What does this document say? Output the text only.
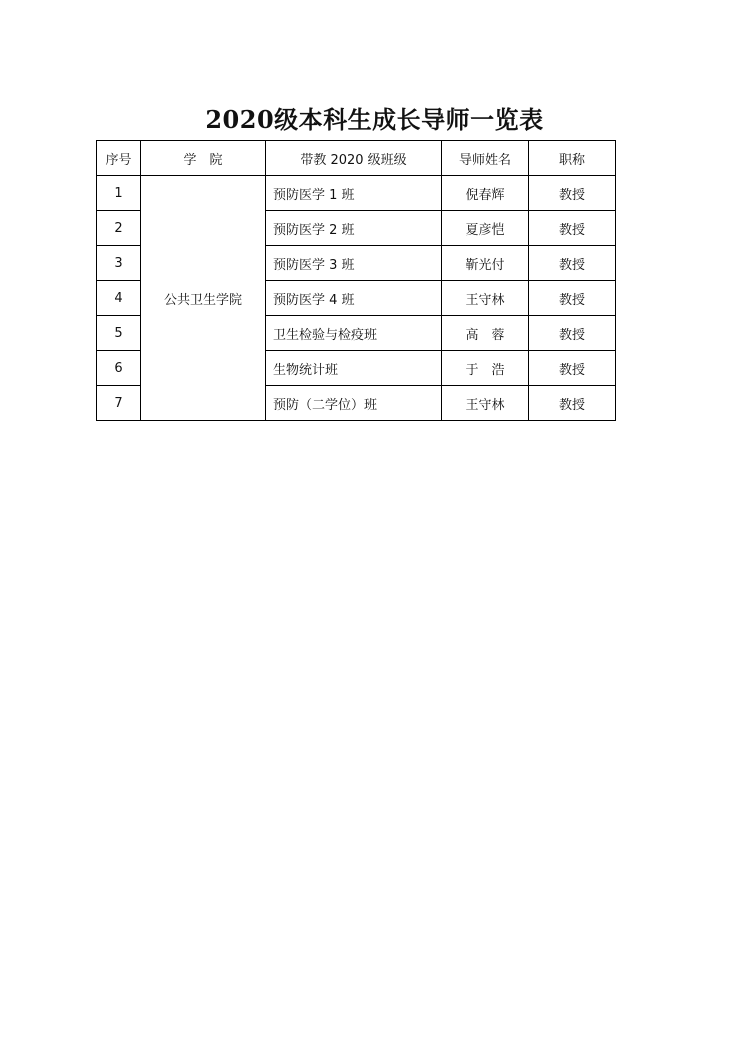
2020级本科生成长导师一览表
序号	学　院	带教 2020 级班级	导师姓名	职称
1	公共卫生学院	预防医学 1 班	倪春辉	教授
2		预防医学 2 班	夏彦恺	教授
3		预防医学 3 班	靳光付	教授
4		预防医学 4 班	王守林	教授
5		卫生检验与检疫班	高　蓉	教授
6		生物统计班	于　浩	教授
7		预防（二学位）班	王守林	教授
